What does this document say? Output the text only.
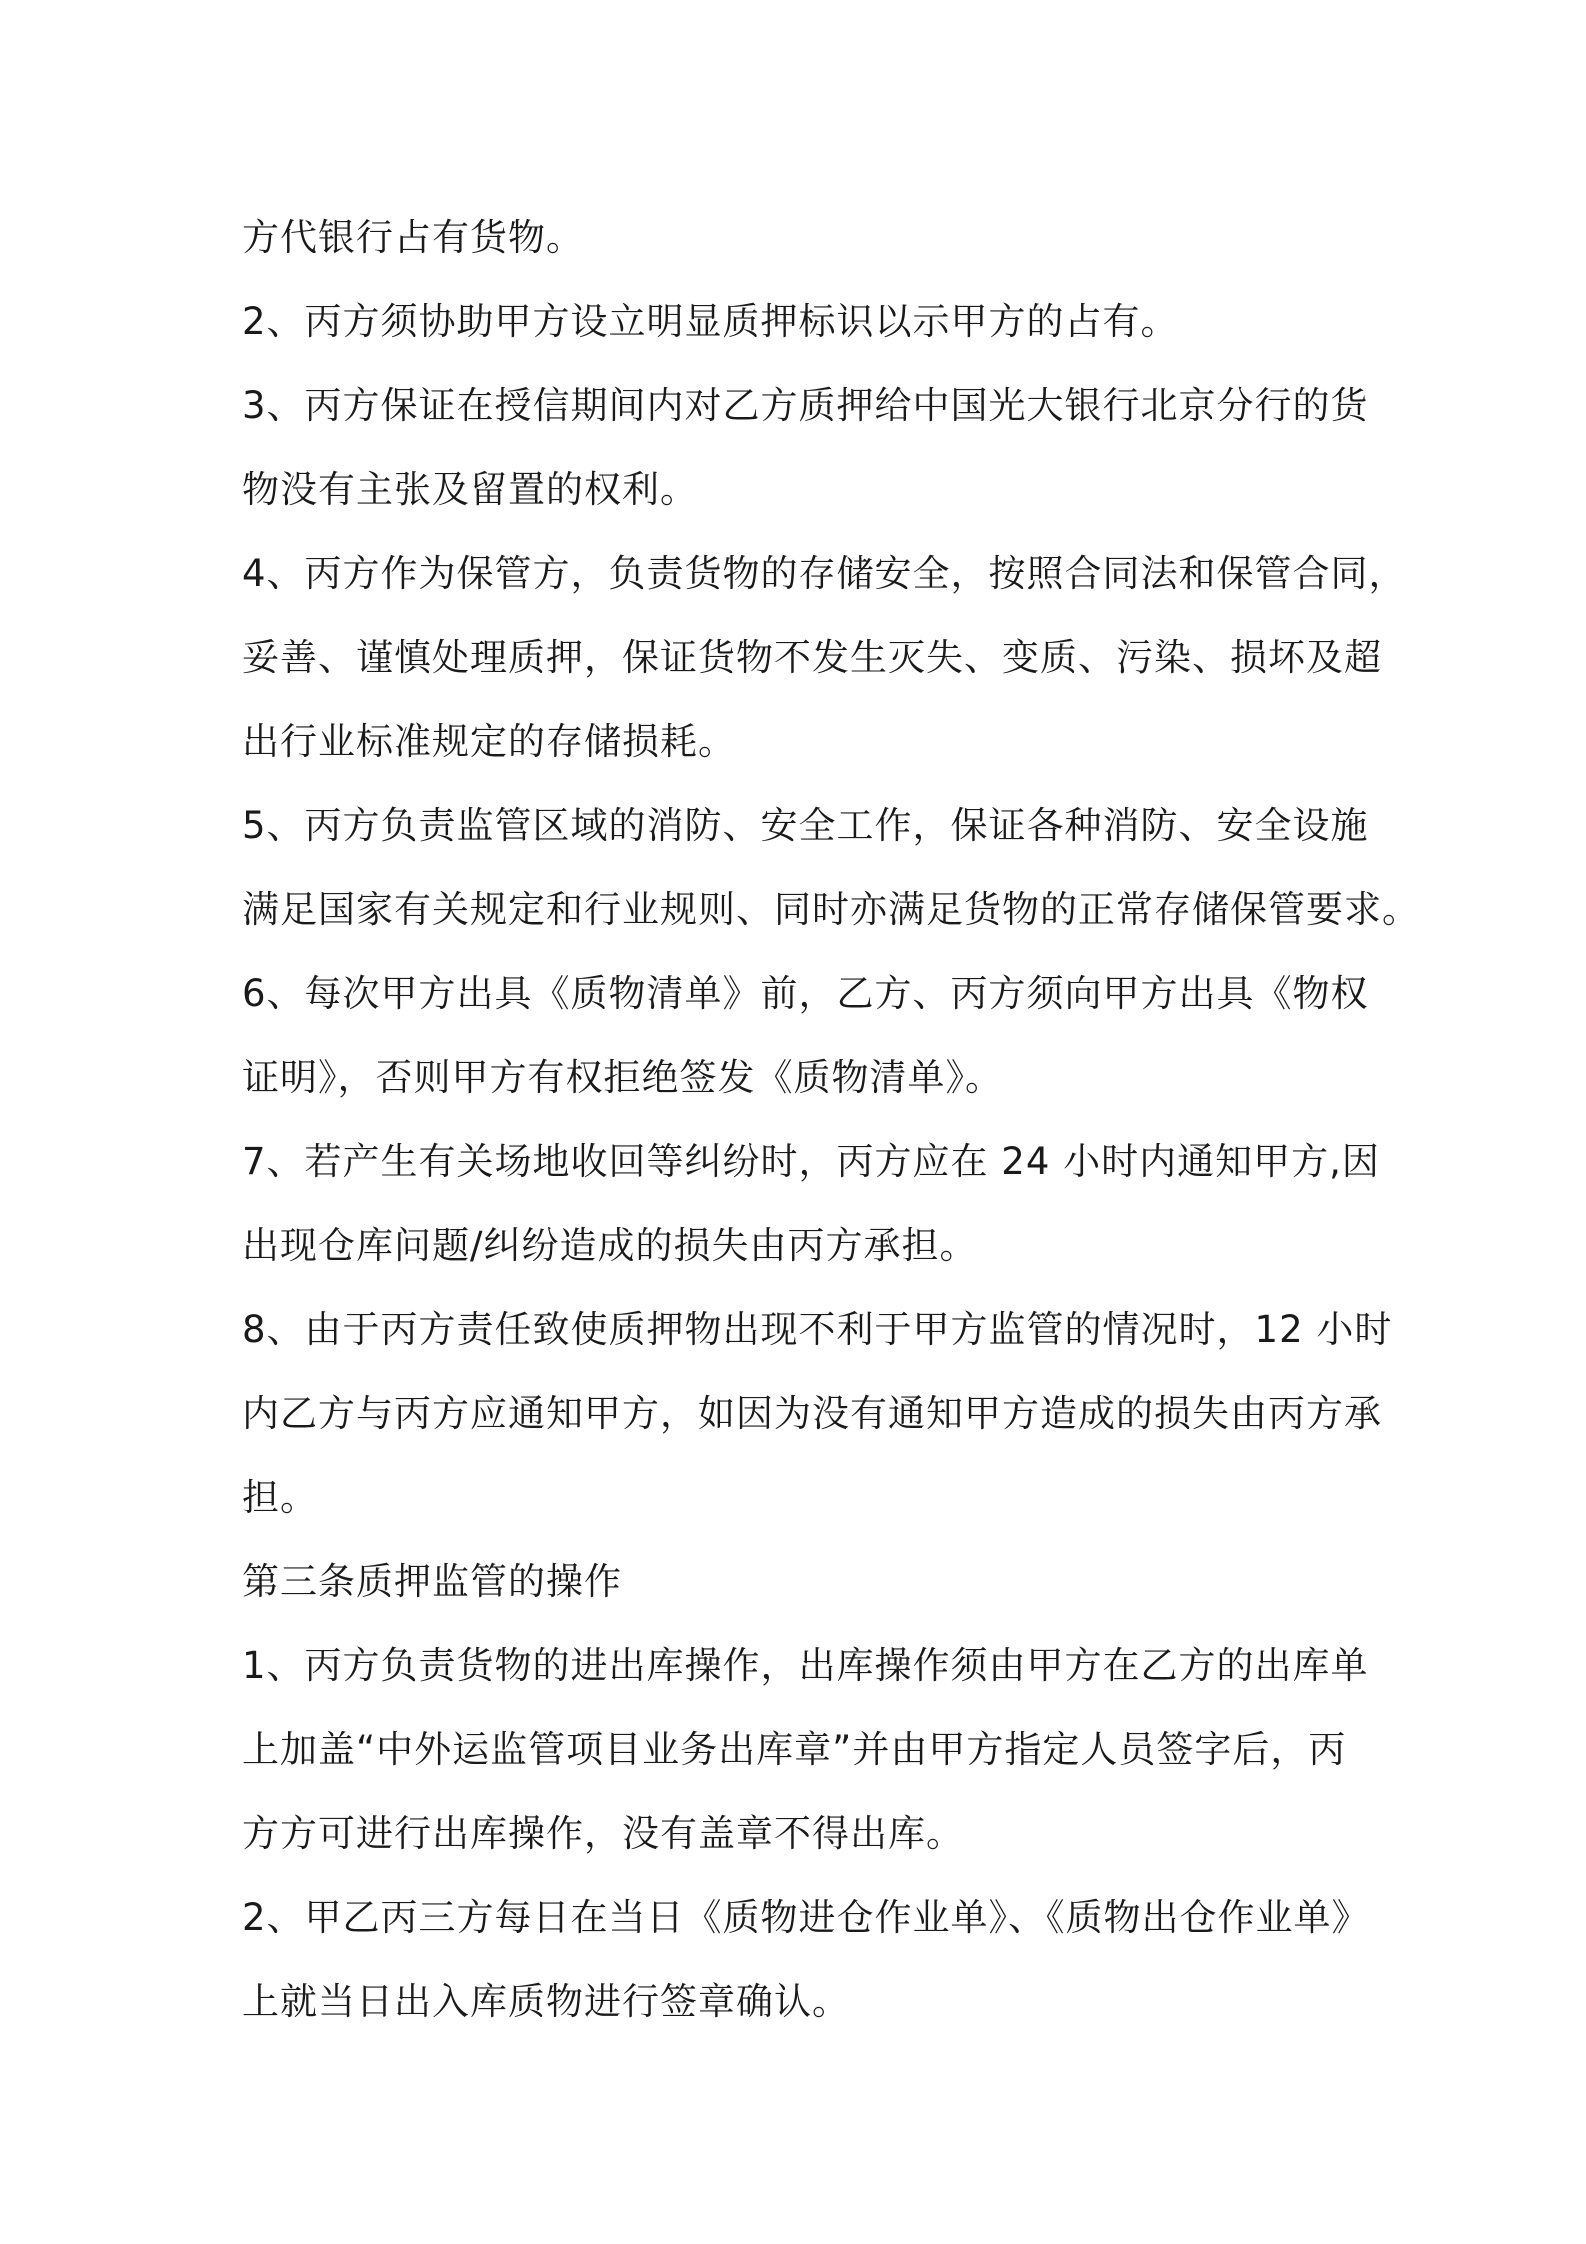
方代银行占有货物。
2、丙方须协助甲方设立明显质押标识以示甲方的占有。
3、丙方保证在授信期间内对乙方质押给中国光大银行北京分行的货
物没有主张及留置的权利。
4、丙方作为保管方，负责货物的存储安全，按照合同法和保管合同，
妥善、谨慎处理质押，保证货物不发生灭失、变质、污染、损坏及超
出行业标准规定的存储损耗。
5、丙方负责监管区域的消防、安全工作，保证各种消防、安全设施
满足国家有关规定和行业规则、同时亦满足货物的正常存储保管要求。
6、每次甲方出具《质物清单》前，乙方、丙方须向甲方出具《物权
证明》，否则甲方有权拒绝签发《质物清单》。
7、若产生有关场地收回等纠纷时，丙方应在 24 小时内通知甲方,因
出现仓库问题/纠纷造成的损失由丙方承担。
8、由于丙方责任致使质押物出现不利于甲方监管的情况时，12 小时
内乙方与丙方应通知甲方，如因为没有通知甲方造成的损失由丙方承
担。
第三条质押监管的操作
1、丙方负责货物的进出库操作，出库操作须由甲方在乙方的出库单
上加盖“中外运监管项目业务出库章”并由甲方指定人员签字后，丙
方方可进行出库操作，没有盖章不得出库。
2、甲乙丙三方每日在当日《质物进仓作业单》、《质物出仓作业单》
上就当日出入库质物进行签章确认。
